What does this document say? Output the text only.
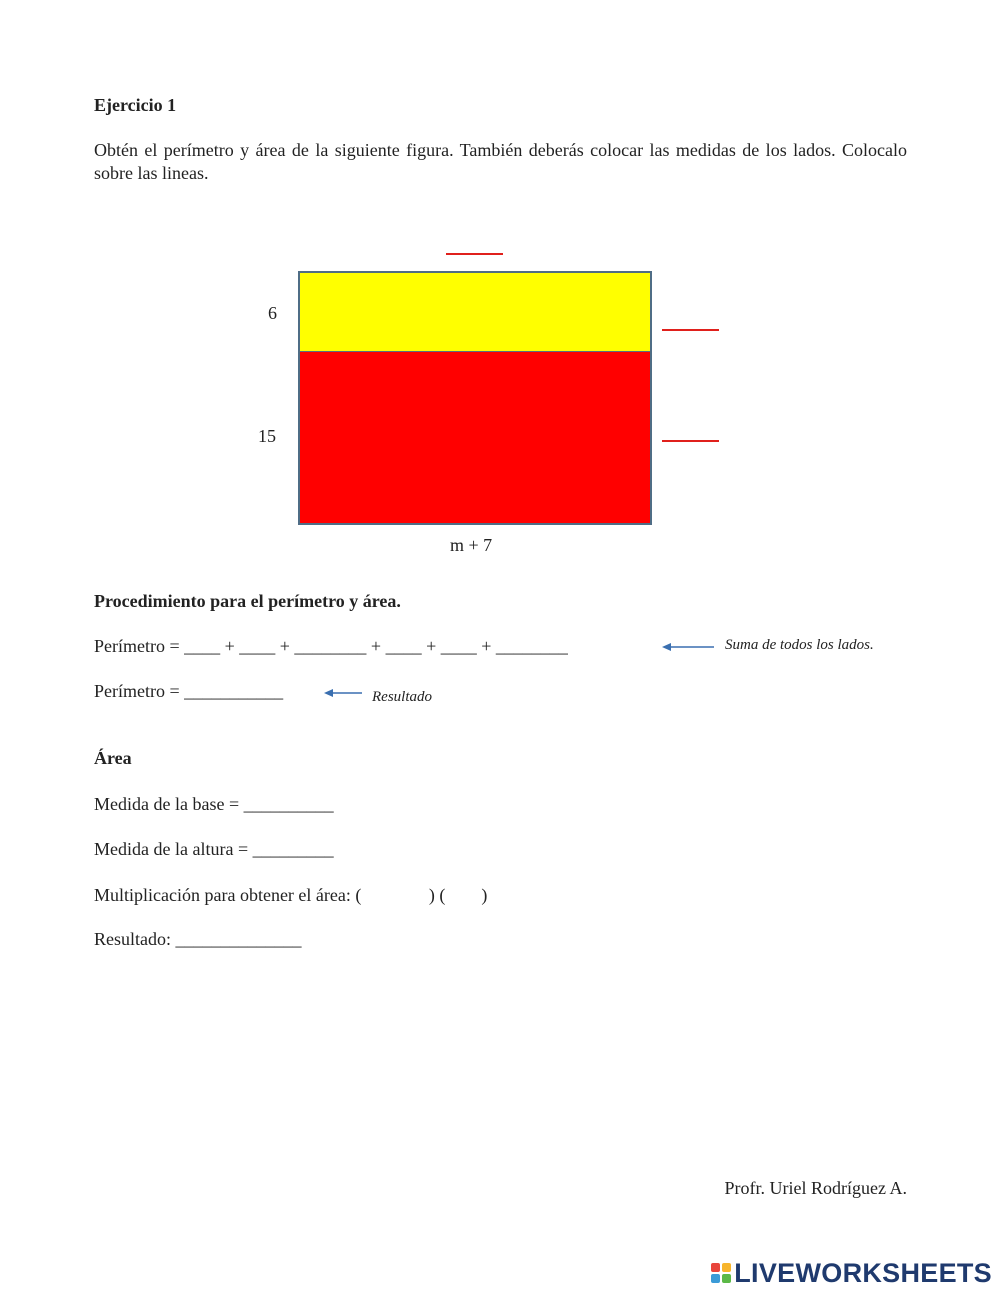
Ejercicio 1
Obtén el perímetro y área de la siguiente figura. También deberás colocar las medidas de los lados. Colocalo sobre las lineas.
6
15
m + 7
Procedimiento para el perímetro y área.
Perímetro = ____ + ____ + ________ + ____ + ____ + ________	Suma de todos los lados.
Perímetro = ___________	Resultado
Área
Medida de la base = __________
Medida de la altura = _________
Multiplicación para obtener el área: (               ) (        )
Resultado: ______________
Profr. Uriel Rodríguez A.
LIVEWORKSHEETS
